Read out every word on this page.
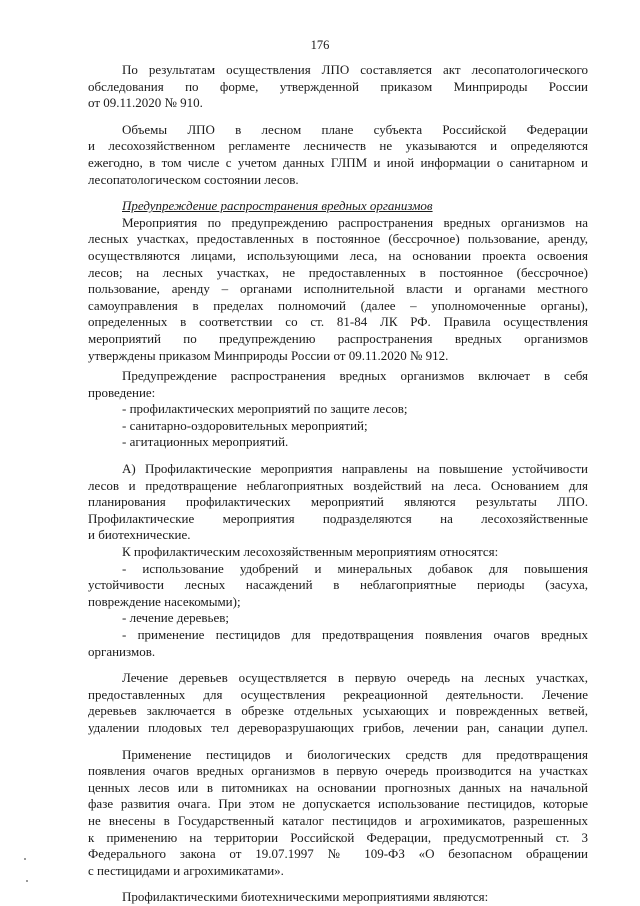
176
По результатам осуществления ЛПО составляется акт лесопатологического
обследования по форме, утвержденной приказом Минприроды России
от 09.11.2020 № 910.
Объемы ЛПО в лесном плане субъекта Российской Федерации
и лесохозяйственном регламенте лесничеств не указываются и определяются
ежегодно, в том числе с учетом данных ГЛПМ и иной информации о санитарном и
лесопатологическом состоянии лесов.
Предупреждение распространения вредных организмов
Мероприятия по предупреждению распространения вредных организмов на
лесных участках, предоставленных в постоянное (бессрочное) пользование, аренду,
осуществляются лицами, использующими леса, на основании проекта освоения
лесов; на лесных участках, не предоставленных в постоянное (бессрочное)
пользование, аренду – органами исполнительной власти и органами местного
самоуправления в пределах полномочий (далее – уполномоченные органы),
определенных в соответствии со ст. 81-84 ЛК РФ. Правила осуществления
мероприятий по предупреждению распространения вредных организмов
утверждены приказом Минприроды России от 09.11.2020 № 912.
Предупреждение распространения вредных организмов включает в себя
проведение:
- профилактических мероприятий по защите лесов;
- санитарно-оздоровительных мероприятий;
- агитационных мероприятий.
А) Профилактические мероприятия направлены на повышение устойчивости
лесов и предотвращение неблагоприятных воздействий на леса. Основанием для
планирования профилактических мероприятий являются результаты ЛПО.
Профилактические мероприятия подразделяются на лесохозяйственные
и биотехнические.
К профилактическим лесохозяйственным мероприятиям относятся:
- использование удобрений и минеральных добавок для повышения
устойчивости лесных насаждений в неблагоприятные периоды (засуха,
повреждение насекомыми);
- лечение деревьев;
- применение пестицидов для предотвращения появления очагов вредных
организмов.
Лечение деревьев осуществляется в первую очередь на лесных участках,
предоставленных для осуществления рекреационной деятельности. Лечение
деревьев заключается в обрезке отдельных усыхающих и поврежденных ветвей,
удалении плодовых тел дереворазрушающих грибов, лечении ран, санации дупел.
Применение пестицидов и биологических средств для предотвращения
появления очагов вредных организмов в первую очередь производится на участках
ценных лесов или в питомниках на основании прогнозных данных на начальной
фазе развития очага. При этом не допускается использование пестицидов, которые
не внесены в Государственный каталог пестицидов и агрохимикатов, разрешенных
к применению на территории Российской Федерации, предусмотренный ст. 3
Федерального закона от 19.07.1997 № 109-ФЗ «О безопасном обращении
с пестицидами и агрохимикатами».
Профилактическими биотехническими мероприятиями являются:
